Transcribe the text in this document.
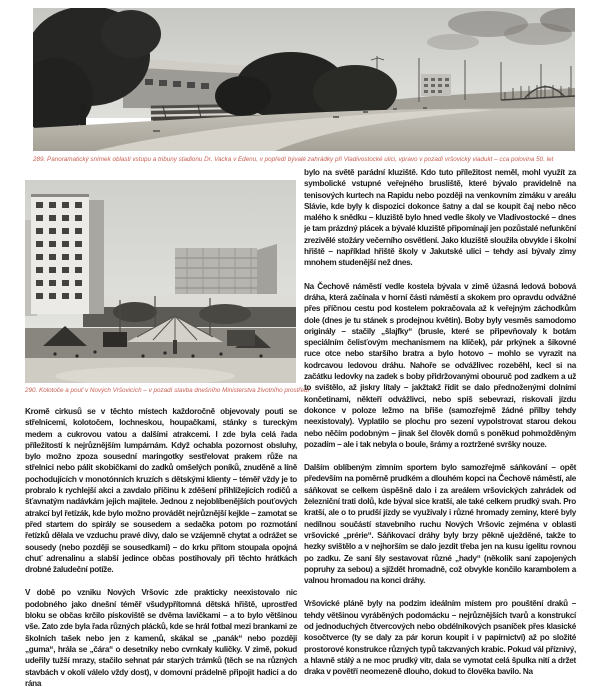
289. Panoramatický snímek oblasti vstupu a tribuny stadionu Dr. Vacka v Edenu, v popředí bývalé zahrádky při Vladivostocké ulici, vpravo v pozadí vršovický viadukt – cca polovina 50. let
290. Kolotoče a pouť v Nových Vršovicích – v pozadí stavba dnešního Ministerstva životního prostředí

Kromě cirkusů se v těchto místech každoročně objevovaly pouti se střelnicemi, kolotočem, lochneskou, houpačkami, stánky s tureckým medem a cukrovou vatou a dalšími atrakcemi. I zde byla celá řada příležitostí k nejrůznějším lumpárnám. Když ochabla pozornost obsluhy, bylo možno zpoza sousední maringotky sestřelovat prakem růže na střelnici nebo pálit skobičkami do zadků omšelých poníků, znuděně a líně pochodujících v monotónních kruzích s dětskými klienty – téměř vždy je to probralo k rychlejší akci a zavdalo příčinu k zděšení přihlížejících rodičů a šťavnatým nadávkám jejich majitele. Jednou z nejoblíbenějších pouťových atrakcí byl řetízák, kde bylo možno provádět nejrůznější kejkle – zamotat se před startem do spirály se sousedem a sedačka potom po rozmotání řetízků dělala ve vzduchu pravé divy, dalo se vzájemně chytat a odrážet se sousedy (nebo později se sousedkami) – do krku přitom stoupala opojná chuť adrenalinu a slabší jedince občas postihovaly při těchto hrátkách drobné žaludeční potíže.

V době po vzniku Nových Vršovic zde prakticky neexistovalo nic podobného jako dnešní téměř všudypřítomná dětská hřiště, uprostřed bloku se občas krčilo pískoviště se dvěma lavičkami – a to bylo většinou vše. Zato zde byla řada různých plácků, kde se hrál fotbal mezi brankami ze školních tašek nebo jen z kamenů, skákal se „panák“ nebo později „guma“, hrála se „čára“ o desetníky nebo cvrnkaly kuličky. V zimě, pokud udeřily tužší mrazy, stačilo sehnat pár starých trámků (těch se na různých stavbách v okolí válelo vždy dost), v domovní prádelně připojit hadici a do rána

bylo na světě parádní kluziště. Kdo tuto příležitost neměl, mohl využít za symbolické vstupné veřejného brusliště, které bývalo pravidelně na tenisových kurtech na Rapidu nebo později na venkovním zimáku v areálu Slávie, kde byly k dispozici dokonce šatny a dal se koupit čaj nebo něco malého k snědku – kluziště bylo hned vedle školy ve Vladivostocké – dnes je tam prázdný plácek a bývalé kluziště připomínají jen pozůstalé nefunkční zrezivělé stožáry večerního osvětlení. Jako kluziště sloužila obvykle i školní hřiště – například hřiště školy v Jakutské ulici – tehdy asi bývaly zimy mnohem studenější než dnes.

Na Čechově náměstí vedle kostela bývala v zimě úžasná ledová bobová dráha, která začínala v horní části náměstí a skokem pro opravdu odvážné přes příčnou cestu pod kostelem pokračovala až k veřejným záchodkům dole (dnes je tu stánek s prodejnou květin). Boby byly vesměs samodomo originály – stačily „šlajfky“ (brusle, které se připevňovaly k botám speciálním čelisťovým mechanismem na klíček), pár prkýnek a šikovné ruce otce nebo staršího bratra a bylo hotovo – mohlo se vyrazit na kodrcavou ledovou dráhu. Nahoře se odvážlivec rozeběhl, kecl si na začátku ledovky na zadek s boby přidržovanými obouruč pod zadkem a už to svištělo, až jiskry lítaly – jakžtakž řídit se dalo přednoženými dolními končetinami, někteří odvážlivci, nebo spíš sebevrazi, riskovali jízdu dokonce v poloze ležmo na břiše (samozřejmě žádné přilby tehdy neexistovaly). Vyplatilo se plochu pro sezení vypolstrovat starou dekou nebo něčím podobným – jinak šel člověk domů s poněkud pohmožděným pozadím – ale i tak nebyla o boule, šrámy a roztržené svršky nouze.

Dalším oblíbeným zimním sportem bylo samozřejmě sáňkování – opět především na poměrně prudkém a dlouhém kopci na Čechově náměstí, ale sáňkovat se celkem úspěšně dalo i za areálem vršovických zahrádek od železniční trati dolů, kde býval sice kratší, ale také celkem prudký svah. Pro kratší, ale o to prudší jízdy se využívaly i různé hromady zeminy, které byly nedílnou součástí stavebního ruchu Nových Vršovic zejména v oblasti vršovické „prérie“. Sáňkovací dráhy byly brzy pěkně uježděné, takže to hezky svištělo a v nejhorším se dalo jezdit třeba jen na kusu igelitu rovnou po zadku. Ze saní šly sestavovat různé „hady“ (několik saní zapojených popruhy za sebou) a sjíždět hromadně, což obvykle končilo karambolem a valnou hromadou na konci dráhy.

Vršovické pláně byly na podzim ideálním místem pro pouštění draků – tehdy většinou vyráběných podomácku – nejrůznějších tvarů a konstrukcí od jednoduchých čtvercových nebo obdélníkových psaníček přes klasické kosočtverce (ty se daly za pár korun koupit i v papírnictví) až po složité prostorové konstrukce různých typů takzvaných krabic. Pokud vál příznivý, a hlavně stálý a ne moc prudký vítr, dala se vymotat celá špulka nití a držet draka v povětří neomezeně dlouho, dokud to člověka bavilo. Na
